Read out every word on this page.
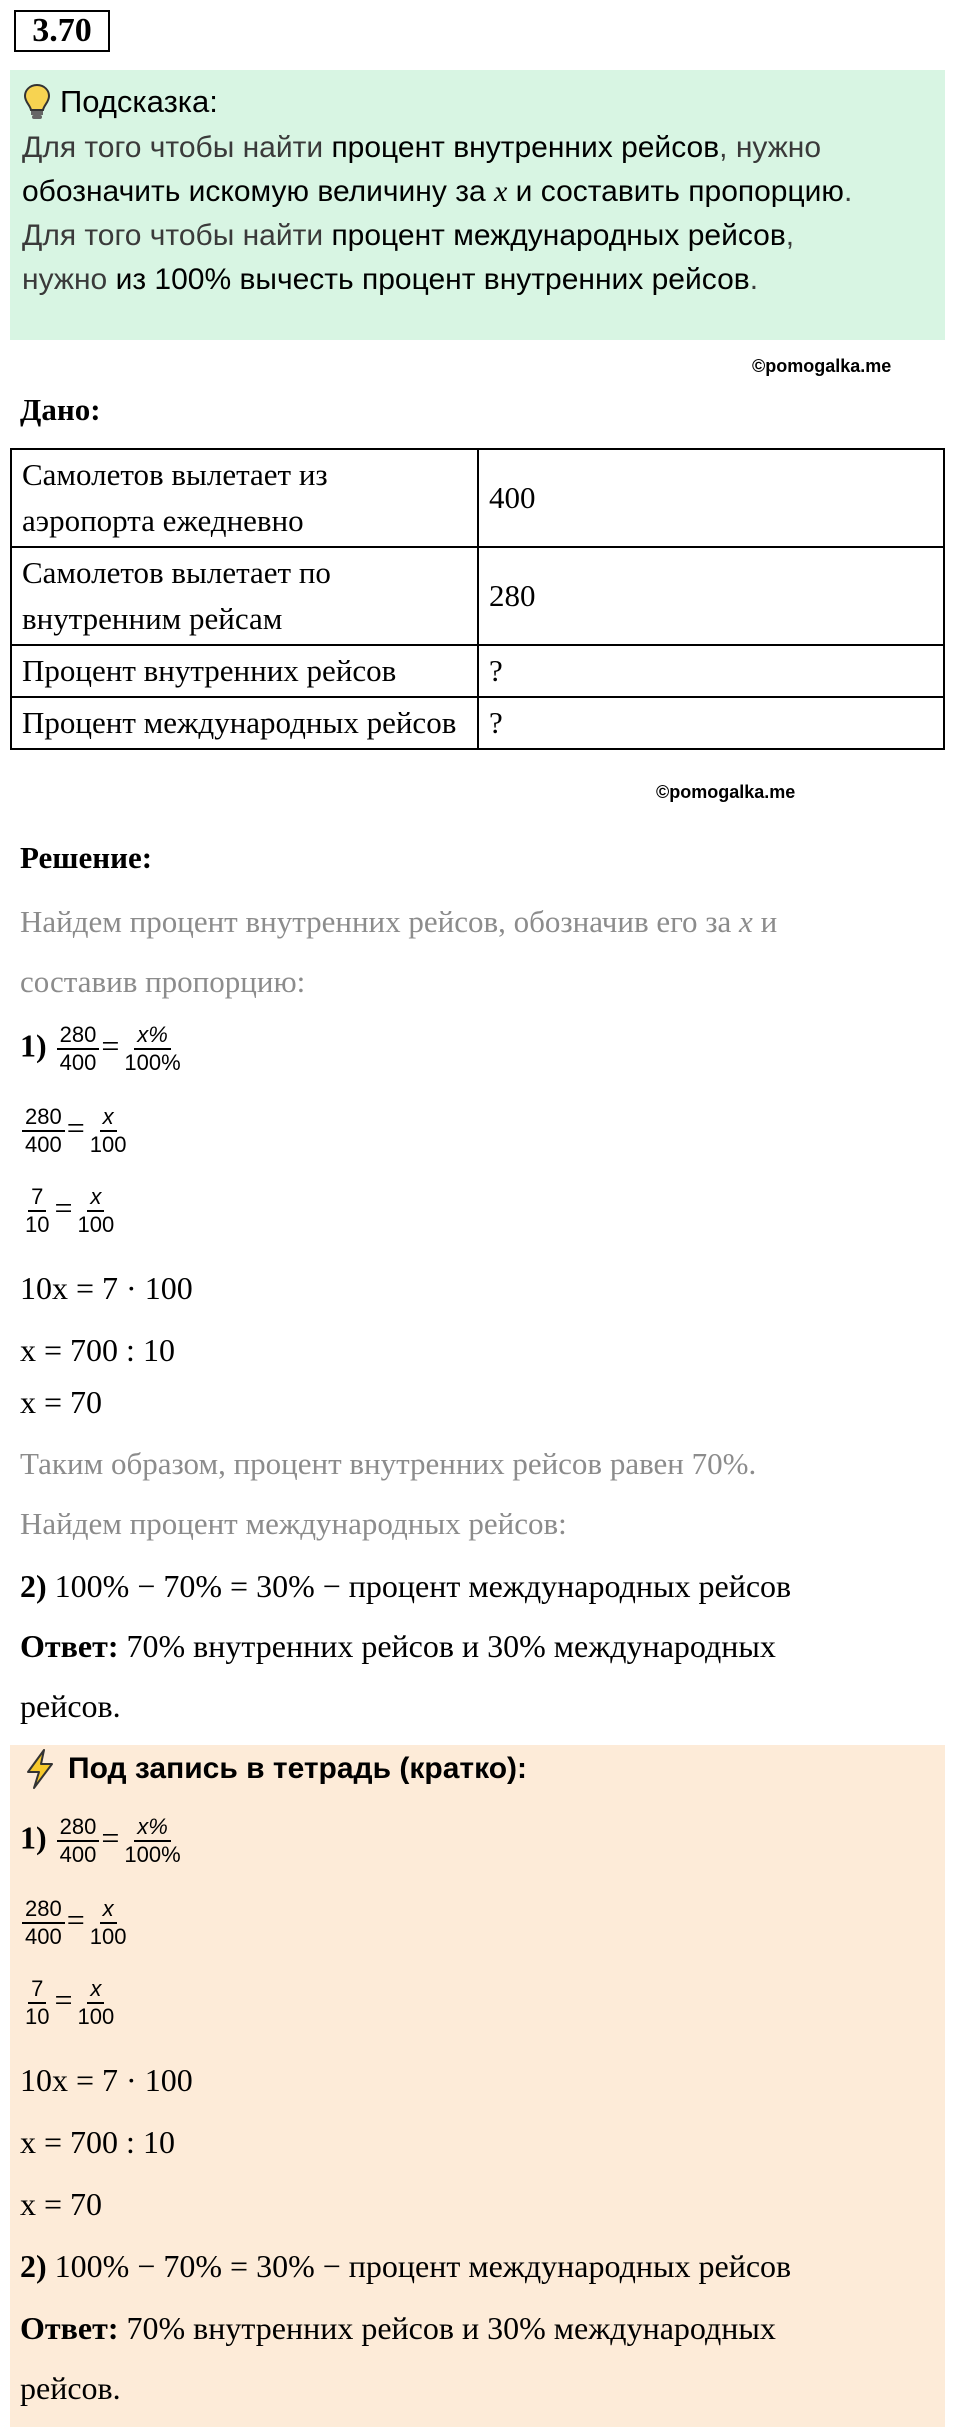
3.70
Подсказка:

Для того чтобы найти процент внутренних рейсов, нужно

обозначить искомую величину за x и составить пропорцию.

Для того чтобы найти процент международных рейсов,

нужно из 100% вычесть процент внутренних рейсов.

©pomogalka.me
Дано:
Самолетов вылетает из аэропорта ежедневно	400
Самолетов вылетает по внутренним рейсам	280
Процент внутренних рейсов	?
Процент международных рейсов	?
©pomogalka.me
Решение:
Найдем процент внутренних рейсов, обозначив его за x и
составив пропорцию:
$1) \frac{280}{400} = \frac{x\%}{100\%}$
$\frac{280}{400} = \frac{x}{100}$
$\frac{7}{10} = \frac{x}{100}$
10x = 7 · 100
x = 700 : 10
x = 70
Таким образом, процент внутренних рейсов равен 70%.
Найдем процент международных рейсов:
2) 100% − 70% = 30% − процент международных рейсов
Ответ: 70% внутренних рейсов и 30% международных
рейсов.
Под запись в тетрадь (кратко):
$1) \frac{280}{400} = \frac{x\%}{100\%}$
$\frac{280}{400} = \frac{x}{100}$
$\frac{7}{10} = \frac{x}{100}$
10x = 7 · 100
x = 700 : 10
x = 70
2) 100% − 70% = 30% − процент международных рейсов
Ответ: 70% внутренних рейсов и 30% международных
рейсов.
